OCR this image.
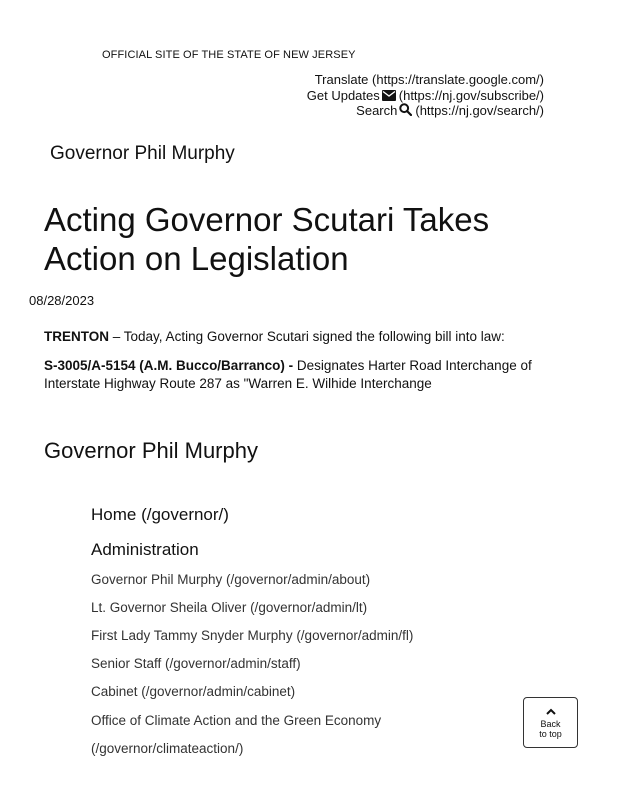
OFFICIAL SITE OF THE STATE OF NEW JERSEY
Translate (https://translate.google.com/)
Get Updates (https://nj.gov/subscribe/)
Search (https://nj.gov/search/)
Governor Phil Murphy
Acting Governor Scutari Takes Action on Legislation
08/28/2023
TRENTON – Today, Acting Governor Scutari signed the following bill into law:
S-3005/A-5154 (A.M. Bucco/Barranco) - Designates Harter Road Interchange of Interstate Highway Route 287 as "Warren E. Wilhide Interchange
Governor Phil Murphy
Home (/governor/)
Administration
Governor Phil Murphy (/governor/admin/about)
Lt. Governor Sheila Oliver (/governor/admin/lt)
First Lady Tammy Snyder Murphy (/governor/admin/fl)
Senior Staff (/governor/admin/staff)
Cabinet (/governor/admin/cabinet)
Office of Climate Action and the Green Economy
(/governor/climateaction/)
Back
to top
